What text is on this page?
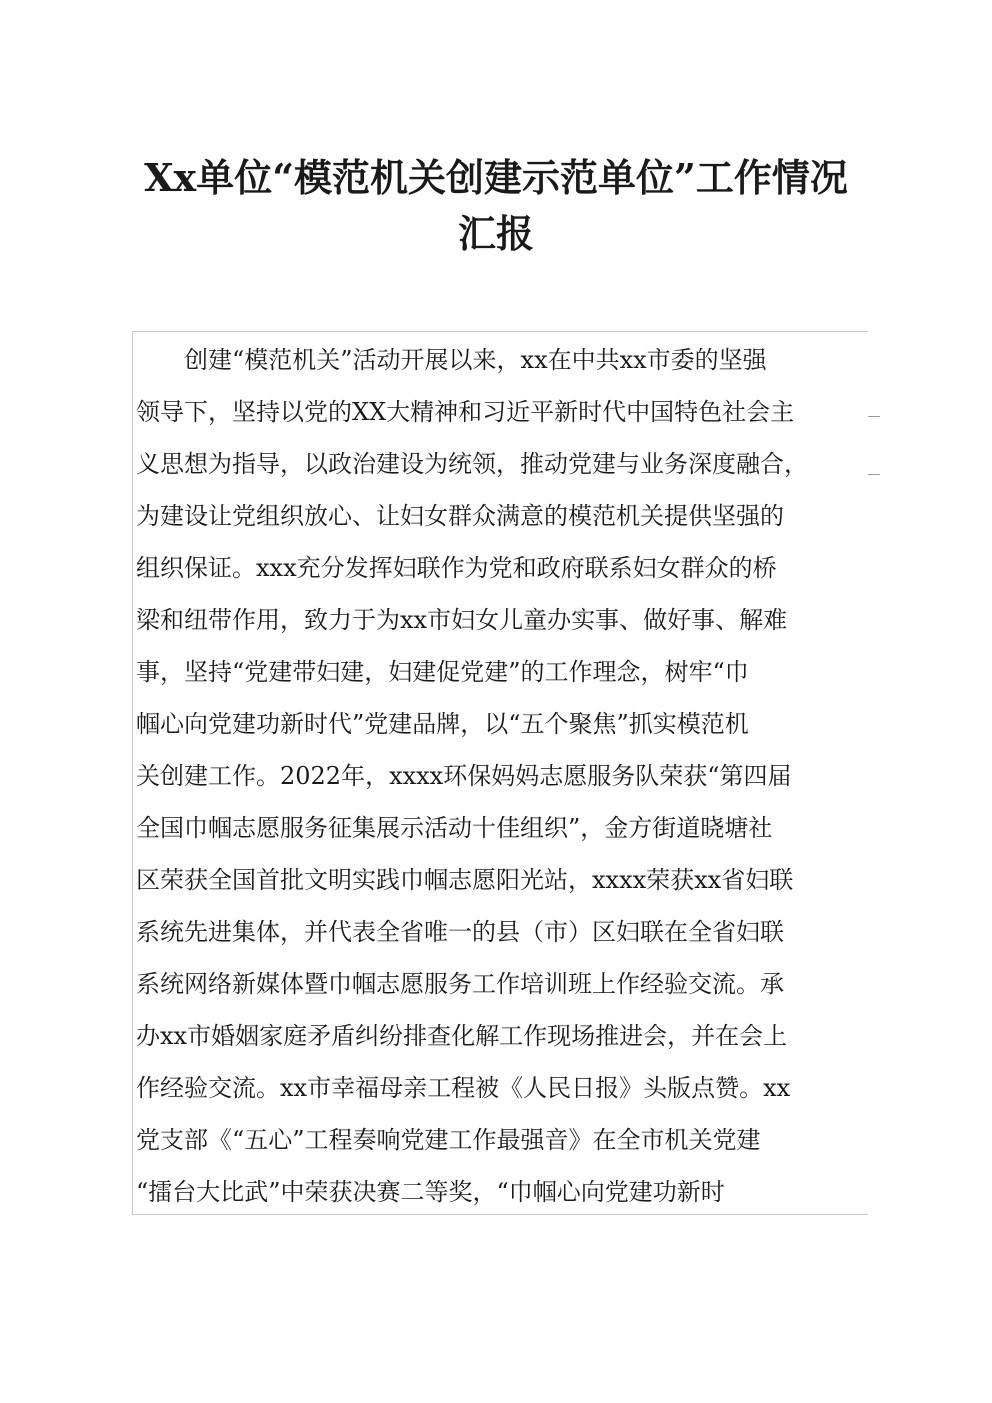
Xx单位“模范机关创建示范单位”工作情况
汇报
　　创建“模范机关”活动开展以来，xx在中共xx市委的坚强
领导下，坚持以党的XX大精神和习近平新时代中国特色社会主
义思想为指导，以政治建设为统领，推动党建与业务深度融合，
为建设让党组织放心、让妇女群众满意的模范机关提供坚强的
组织保证。xxx充分发挥妇联作为党和政府联系妇女群众的桥
梁和纽带作用，致力于为xx市妇女儿童办实事、做好事、解难
事，坚持“党建带妇建，妇建促党建”的工作理念，树牢“巾
帼心向党建功新时代”党建品牌，以“五个聚焦”抓实模范机
关创建工作。2022年，xxxx环保妈妈志愿服务队荣获“第四届
全国巾帼志愿服务征集展示活动十佳组织”，金方街道晓塘社
区荣获全国首批文明实践巾帼志愿阳光站，xxxx荣获xx省妇联
系统先进集体，并代表全省唯一的县（市）区妇联在全省妇联
系统网络新媒体暨巾帼志愿服务工作培训班上作经验交流。承
办xx市婚姻家庭矛盾纠纷排查化解工作现场推进会，并在会上
作经验交流。xx市幸福母亲工程被《人民日报》头版点赞。xx
党支部《“五心”工程奏响党建工作最强音》在全市机关党建
“擂台大比武”中荣获决赛二等奖，“巾帼心向党建功新时
